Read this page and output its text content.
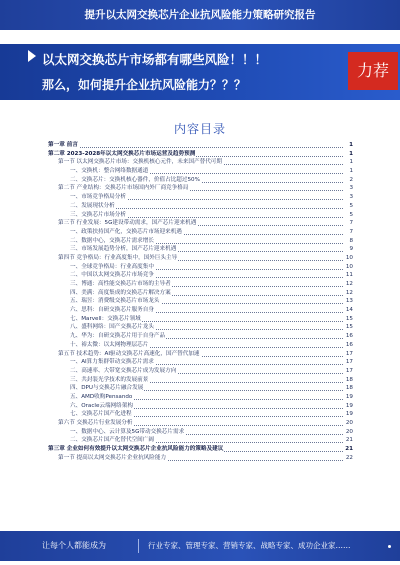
提升以太网交换芯片企业抗风险能力策略研究报告
以太网交换芯片市场都有哪些风险！！！
那么，如何提升企业抗风险能力？？？
力荐
内容目录
第一章 前言	1
第二章 2023-2028年以太网交换芯片市场运营及趋势预测	1
第一节 以太网交换芯片市场：交换机核心元件，未来国产替代可期	1
一、交换机：整合网络数据通道	1
二、交换芯片：交换机核心器件，价值占比超过50%	2
第二节 产业结构：交换芯片市场国内外厂商竞争格局	3
一、市场竞争格局分析	3
二、发展现状分析	5
三、交换芯片市场分析	5
第三节 行业发展：5G建设带动需求，国产芯片迎来机遇	7
一、政策扶持国产化，交换芯片市场迎来机遇	7
二、数据中心，交换芯片需求增长	8
三、市场发展趋势分析，国产芯片迎来机遇	9
第四节 竞争格局：行业高度集中，国外巨头主导	10
一、全球竞争格局：行业高度集中	10
二、中国以太网交换芯片市场竞争	11
三、博通：高性能交换芯片市场的主导者	12
四、美满：高度集成的交换芯片解决方案	12
五、瑞昱：消费级交换芯片市场龙头	13
六、思科：自研交换芯片服务自身	14
七、Marvell：交换芯片领域	15
八、盛科网络：国产交换芯片龙头	15
九、华为：自研交换芯片用于自身产品	16
十、裕太微：以太网物理层芯片	16
第五节 技术趋势：AI驱动交换芯片高速化，国产替代加速	17
一、AI算力集群带动交换芯片需求	17
二、高速率、大带宽交换芯片成为发展方向	17
三、共封装光学技术的发展前景	18
四、DPU与交换芯片融合发展	18
五、AMD收购Pensando	19
六、Oracle云端网络架构	19
七、交换芯片国产化进程	19
第六节 交换芯片行业发展分析	20
一、数据中心、云计算及5G带动交换芯片需求	20
二、交换芯片国产化替代空间广阔	21
第三章 企业如何有效提升以太网交换芯片企业抗风险能力的策略及建议	21
第一节 提高以太网交换芯片企业抗风险能力	22
让每个人都能成为	行业专家、管理专家、营销专家、战略专家、成功企业家……
